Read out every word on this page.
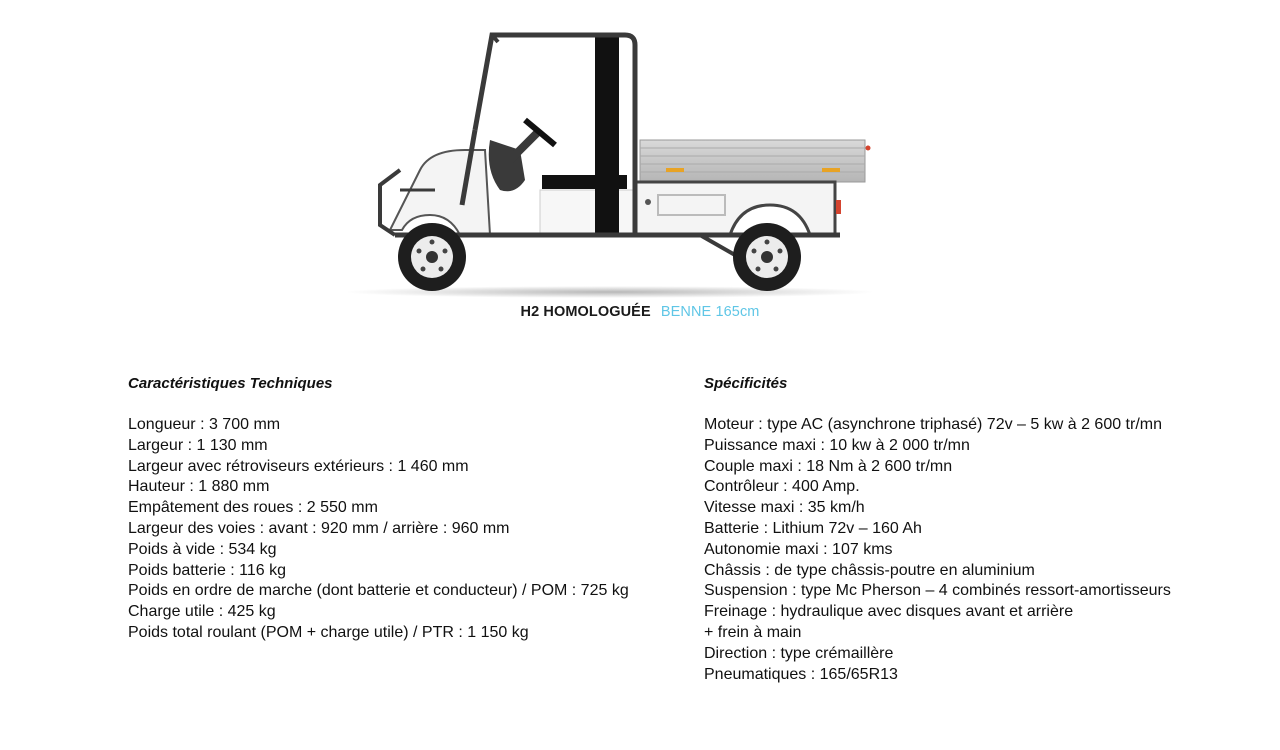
H2 HOMOLOGUÉE BENNE 165cm
Caractéristiques Techniques
Longueur : 3 700 mm
Largeur : 1 130 mm
Largeur avec rétroviseurs extérieurs : 1 460 mm
Hauteur : 1 880 mm
Empâtement des roues : 2 550 mm
Largeur des voies : avant : 920 mm / arrière : 960 mm
Poids à vide : 534 kg
Poids batterie : 116 kg
Poids en ordre de marche (dont batterie et conducteur) / POM : 725 kg
Charge utile : 425 kg
Poids total roulant (POM + charge utile) / PTR : 1 150 kg
Spécificités
Moteur : type AC (asynchrone triphasé) 72v – 5 kw à 2 600 tr/mn
Puissance maxi : 10 kw à 2 000 tr/mn
Couple maxi : 18 Nm à 2 600 tr/mn
Contrôleur : 400 Amp.
Vitesse maxi : 35 km/h
Batterie : Lithium 72v – 160 Ah
Autonomie maxi : 107 kms
Châssis : de type châssis-poutre en aluminium
Suspension : type Mc Pherson – 4 combinés ressort-amortisseurs
Freinage : hydraulique avec disques avant et arrière
+ frein à main
Direction : type crémaillère
Pneumatiques : 165/65R13
